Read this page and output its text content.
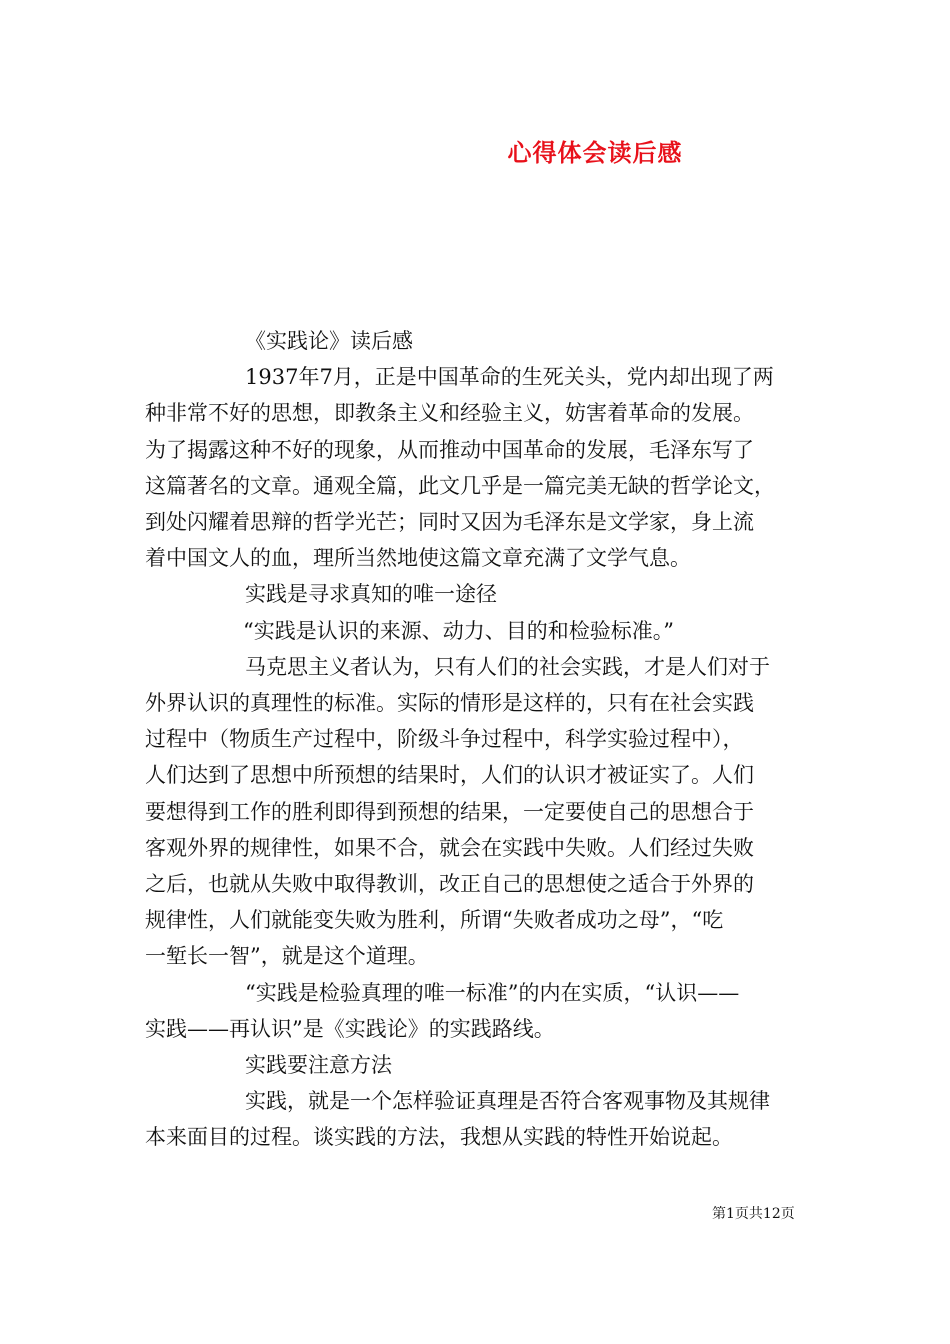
心得体会读后感
《实践论》读后感
1937年7月，正是中国革命的生死关头，党内却出现了两
种非常不好的思想，即教条主义和经验主义，妨害着革命的发展。
为了揭露这种不好的现象，从而推动中国革命的发展，毛泽东写了
这篇著名的文章。通观全篇，此文几乎是一篇完美无缺的哲学论文，
到处闪耀着思辩的哲学光芒；同时又因为毛泽东是文学家，身上流
着中国文人的血，理所当然地使这篇文章充满了文学气息。
实践是寻求真知的唯一途径
“实践是认识的来源、动力、目的和检验标准。”
马克思主义者认为，只有人们的社会实践，才是人们对于
外界认识的真理性的标准。实际的情形是这样的，只有在社会实践
过程中（物质生产过程中，阶级斗争过程中，科学实验过程中），
人们达到了思想中所预想的结果时，人们的认识才被证实了。人们
要想得到工作的胜利即得到预想的结果，一定要使自己的思想合于
客观外界的规律性，如果不合，就会在实践中失败。人们经过失败
之后，也就从失败中取得教训，改正自己的思想使之适合于外界的
规律性，人们就能变失败为胜利，所谓“失败者成功之母”，“吃
一堑长一智”，就是这个道理。
“实践是检验真理的唯一标准”的内在实质，“认识——
实践——再认识”是《实践论》的实践路线。
实践要注意方法
实践，就是一个怎样验证真理是否符合客观事物及其规律
本来面目的过程。谈实践的方法，我想从实践的特性开始说起。
第1页共12页
